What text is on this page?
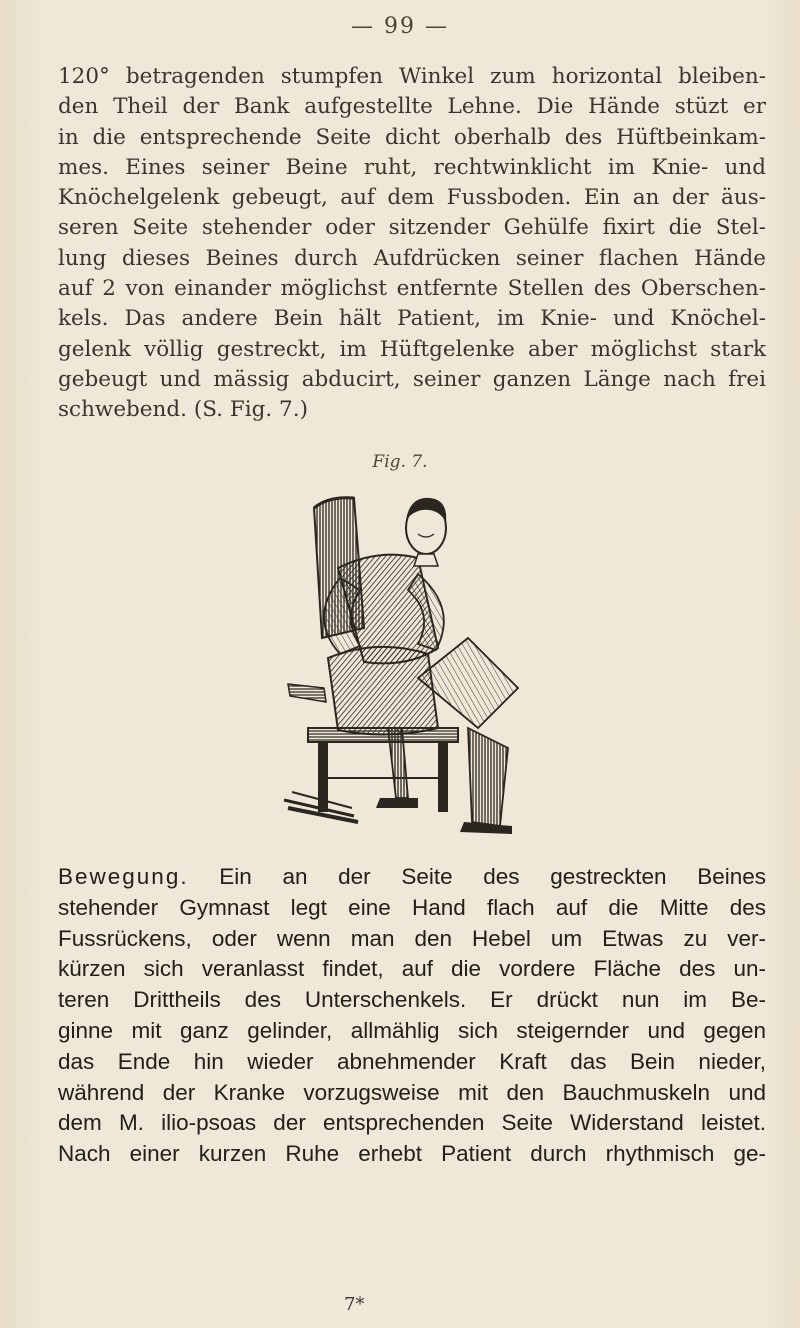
— 99 —

120° betragenden stumpfen Winkel zum horizontal bleiben-
den Theil der Bank aufgestellte Lehne. Die Hände stüzt er
in die entsprechende Seite dicht oberhalb des Hüftbeinkam-
mes. Eines seiner Beine ruht, rechtwinklicht im Knie- und
Knöchelgelenk gebeugt, auf dem Fussboden. Ein an der äus-
seren Seite stehender oder sitzender Gehülfe fixirt die Stel-
lung dieses Beines durch Aufdrücken seiner flachen Hände
auf 2 von einander möglichst entfernte Stellen des Oberschen-
kels. Das andere Bein hält Patient, im Knie- und Knöchel-
gelenk völlig gestreckt, im Hüftgelenke aber möglichst stark
gebeugt und mässig abducirt, seiner ganzen Länge nach frei
schwebend. (S. Fig. 7.)

Fig. 7.

Bewegung. Ein an der Seite des gestreckten Beines
stehender Gymnast legt eine Hand flach auf die Mitte des
Fussrückens, oder wenn man den Hebel um Etwas zu ver-
kürzen sich veranlasst findet, auf die vordere Fläche des un-
teren Drittheils des Unterschenkels. Er drückt nun im Be-
ginne mit ganz gelinder, allmählig sich steigernder und gegen
das Ende hin wieder abnehmender Kraft das Bein nieder,
während der Kranke vorzugsweise mit den Bauchmuskeln und
dem M. ilio-psoas der entsprechenden Seite Widerstand leistet.
Nach einer kurzen Ruhe erhebt Patient durch rhythmisch ge-

7*
